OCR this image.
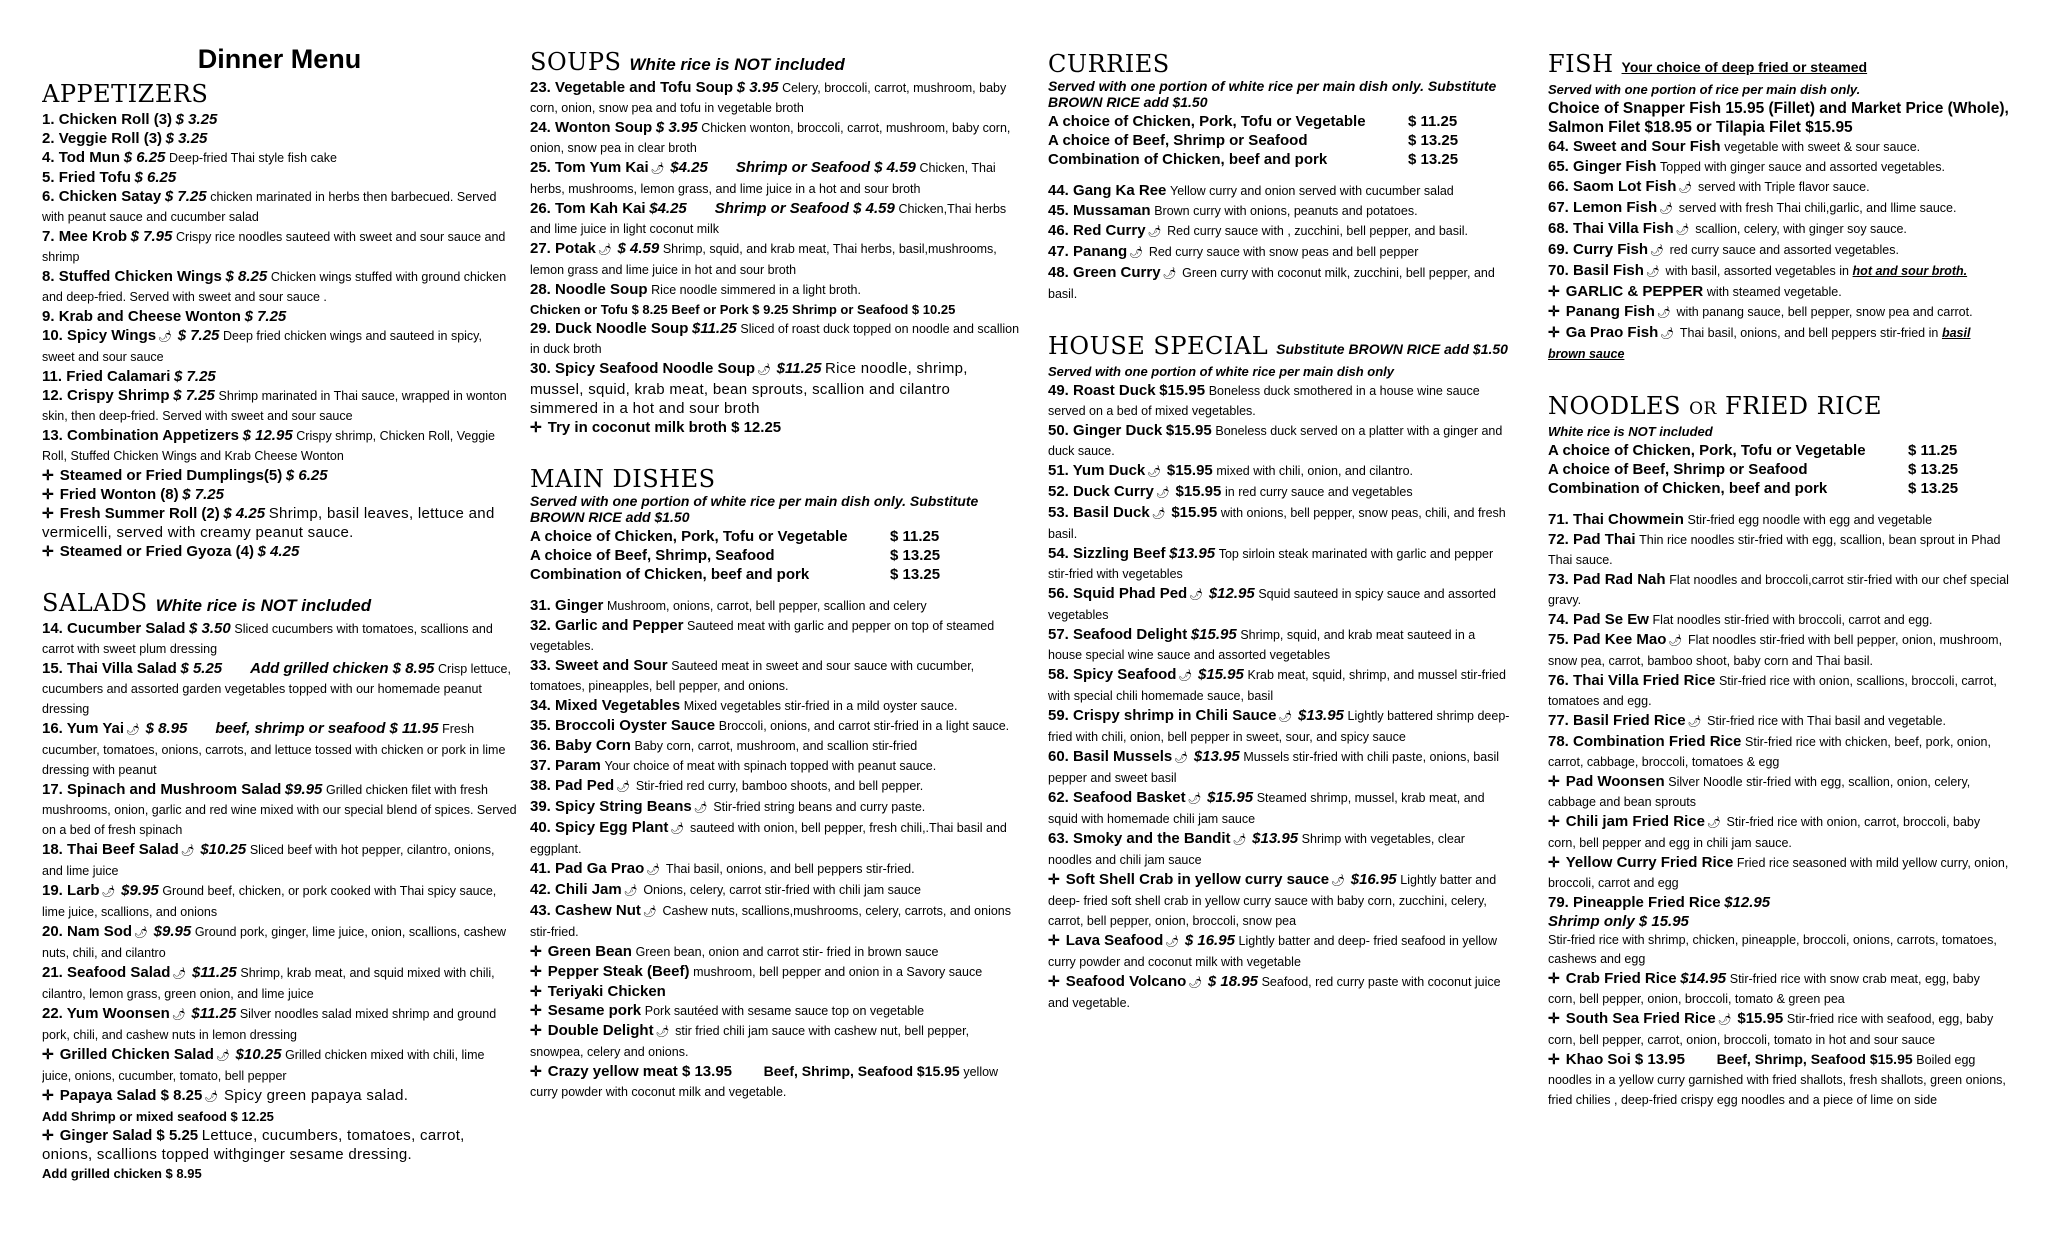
Dinner Menu
APPETIZERS
1. Chicken Roll (3) $ 3.25
2. Veggie Roll (3) $ 3.25
4. Tod Mun $ 6.25 Deep-fried Thai style fish cake
5. Fried Tofu $ 6.25
6. Chicken Satay $ 7.25 chicken marinated in herbs then barbecued. Served with peanut sauce and cucumber salad
7. Mee Krob $ 7.95 Crispy rice noodles sauteed with sweet and sour sauce and shrimp
8. Stuffed Chicken Wings $ 8.25 Chicken wings stuffed with ground chicken and deep-fried. Served with sweet and sour sauce .
9. Krab and Cheese Wonton $ 7.25
10. Spicy Wings 🌶 $ 7.25 Deep fried chicken wings and sauteed in spicy, sweet and sour sauce
11. Fried Calamari $ 7.25
12. Crispy Shrimp $ 7.25 Shrimp marinated in Thai sauce, wrapped in wonton skin, then deep-fried. Served with sweet and sour sauce
13. Combination Appetizers $ 12.95 Crispy shrimp, Chicken Roll, Veggie Roll, Stuffed Chicken Wings and Krab Cheese Wonton
✛ Steamed or Fried Dumplings(5) $ 6.25
✛ Fried Wonton (8) $ 7.25
✛ Fresh Summer Roll (2) $ 4.25 Shrimp, basil leaves, lettuce and vermicelli, served with creamy peanut sauce.
✛ Steamed or Fried Gyoza (4) $ 4.25
SALADS White rice is NOT included
14. Cucumber Salad $ 3.50 Sliced cucumbers with tomatoes, scallions and carrot with sweet plum dressing
15. Thai Villa Salad $ 5.25 Add grilled chicken $ 8.95 Crisp lettuce, cucumbers and assorted garden vegetables topped with our homemade peanut dressing
16. Yum Yai 🌶 $ 8.95 beef, shrimp or seafood $ 11.95 Fresh cucumber, tomatoes, onions, carrots, and lettuce tossed with chicken or pork in lime dressing with peanut
17. Spinach and Mushroom Salad $9.95 Grilled chicken filet with fresh mushrooms, onion, garlic and red wine mixed with our special blend of spices. Served on a bed of fresh spinach
18. Thai Beef Salad 🌶 $10.25 Sliced beef with hot pepper, cilantro, onions, and lime juice
19. Larb 🌶 $9.95 Ground beef, chicken, or pork cooked with Thai spicy sauce, lime juice, scallions, and onions
20. Nam Sod 🌶 $9.95 Ground pork, ginger, lime juice, onion, scallions, cashew nuts, chili, and cilantro
21. Seafood Salad 🌶 $11.25 Shrimp, krab meat, and squid mixed with chili, cilantro, lemon grass, green onion, and lime juice
22. Yum Woonsen 🌶 $11.25 Silver noodles salad mixed shrimp and ground pork, chili, and cashew nuts in lemon dressing
✛ Grilled Chicken Salad 🌶 $10.25 Grilled chicken mixed with chili, lime juice, onions, cucumber, tomato, bell pepper
✛ Papaya Salad $ 8.25 🌶 Spicy green papaya salad.
Add Shrimp or mixed seafood $ 12.25
✛ Ginger Salad $ 5.25 Lettuce, cucumbers, tomatoes, carrot, onions, scallions topped withginger sesame dressing.
Add grilled chicken $ 8.95
SOUPS White rice is NOT included
23. Vegetable and Tofu Soup $ 3.95 Celery, broccoli, carrot, mushroom, baby corn, onion, snow pea and tofu in vegetable broth
24. Wonton Soup $ 3.95 Chicken wonton, broccoli, carrot, mushroom, baby corn, onion, snow pea in clear broth
25. Tom Yum Kai 🌶 $4.25 Shrimp or Seafood $ 4.59 Chicken, Thai herbs, mushrooms, lemon grass, and lime juice in a hot and sour broth
26. Tom Kah Kai $4.25 Shrimp or Seafood $ 4.59 Chicken,Thai herbs and lime juice in light coconut milk
27. Potak 🌶 $ 4.59 Shrimp, squid, and krab meat, Thai herbs, basil,mushrooms, lemon grass and lime juice in hot and sour broth
28. Noodle Soup Rice noodle simmered in a light broth.
Chicken or Tofu $ 8.25 Beef or Pork $ 9.25 Shrimp or Seafood $ 10.25
29. Duck Noodle Soup $11.25 Sliced of roast duck topped on noodle and scallion in duck broth
30. Spicy Seafood Noodle Soup 🌶 $11.25 Rice noodle, shrimp, mussel, squid, krab meat, bean sprouts, scallion and cilantro simmered in a hot and sour broth
✛ Try in coconut milk broth $ 12.25
MAIN DISHES
Served with one portion of white rice per main dish only. Substitute BROWN RICE add $1.50
A choice of Chicken, Pork, Tofu or Vegetable	$ 11.25
A choice of Beef, Shrimp, Seafood	$ 13.25
Combination of Chicken, beef and pork	$ 13.25
31. Ginger Mushroom, onions, carrot, bell pepper, scallion and celery
32. Garlic and Pepper Sauteed meat with garlic and pepper on top of steamed vegetables.
33. Sweet and Sour Sauteed meat in sweet and sour sauce with cucumber, tomatoes, pineapples, bell pepper, and onions.
34. Mixed Vegetables Mixed vegetables stir-fried in a mild oyster sauce.
35. Broccoli Oyster Sauce Broccoli, onions, and carrot stir-fried in a light sauce.
36. Baby Corn Baby corn, carrot, mushroom, and scallion stir-fried
37. Param Your choice of meat with spinach topped with peanut sauce.
38. Pad Ped 🌶 Stir-fried red curry, bamboo shoots, and bell pepper.
39. Spicy String Beans 🌶 Stir-fried string beans and curry paste.
40. Spicy Egg Plant 🌶 sauteed with onion, bell pepper, fresh chili,.Thai basil and eggplant.
41. Pad Ga Prao 🌶 Thai basil, onions, and bell peppers stir-fried.
42. Chili Jam 🌶 Onions, celery, carrot stir-fried with chili jam sauce
43. Cashew Nut 🌶 Cashew nuts, scallions,mushrooms, celery, carrots, and onions stir-fried.
✛ Green Bean Green bean, onion and carrot stir- fried in brown sauce
✛ Pepper Steak (Beef) mushroom, bell pepper and onion in a Savory sauce
✛ Teriyaki Chicken
✛ Sesame pork Pork sautéed with sesame sauce top on vegetable
✛ Double Delight 🌶 stir fried chili jam sauce with cashew nut, bell pepper, snowpea, celery and onions.
✛ Crazy yellow meat $ 13.95 Beef, Shrimp, Seafood $15.95 yellow curry powder with coconut milk and vegetable.
CURRIES
Served with one portion of white rice per main dish only. Substitute BROWN RICE add $1.50
A choice of Chicken, Pork, Tofu or Vegetable	$ 11.25
A choice of Beef, Shrimp or Seafood	$ 13.25
Combination of Chicken, beef and pork	$ 13.25
44. Gang Ka Ree Yellow curry and onion served with cucumber salad
45. Mussaman Brown curry with onions, peanuts and potatoes.
46. Red Curry 🌶 Red curry sauce with , zucchini, bell pepper, and basil.
47. Panang 🌶 Red curry sauce with snow peas and bell pepper
48. Green Curry 🌶 Green curry with coconut milk, zucchini, bell pepper, and basil.
HOUSE SPECIAL Substitute BROWN RICE add $1.50
Served with one portion of white rice per main dish only
49. Roast Duck $15.95 Boneless duck smothered in a house wine sauce served on a bed of mixed vegetables.
50. Ginger Duck $15.95 Boneless duck served on a platter with a ginger and duck sauce.
51. Yum Duck 🌶 $15.95 mixed with chili, onion, and cilantro.
52. Duck Curry 🌶 $15.95 in red curry sauce and vegetables
53. Basil Duck 🌶 $15.95 with onions, bell pepper, snow peas, chili, and fresh basil.
54. Sizzling Beef $13.95 Top sirloin steak marinated with garlic and pepper stir-fried with vegetables
56. Squid Phad Ped 🌶 $12.95 Squid sauteed in spicy sauce and assorted vegetables
57. Seafood Delight $15.95 Shrimp, squid, and krab meat sauteed in a house special wine sauce and assorted vegetables
58. Spicy Seafood 🌶 $15.95 Krab meat, squid, shrimp, and mussel stir-fried with special chili homemade sauce, basil
59. Crispy shrimp in Chili Sauce 🌶 $13.95 Lightly battered shrimp deep-fried with chili, onion, bell pepper in sweet, sour, and spicy sauce
60. Basil Mussels 🌶 $13.95 Mussels stir-fried with chili paste, onions, basil pepper and sweet basil
62. Seafood Basket 🌶 $15.95 Steamed shrimp, mussel, krab meat, and squid with homemade chili jam sauce
63. Smoky and the Bandit 🌶 $13.95 Shrimp with vegetables, clear noodles and chili jam sauce
✛ Soft Shell Crab in yellow curry sauce 🌶 $16.95 Lightly batter and deep- fried soft shell crab in yellow curry sauce with baby corn, zucchini, celery, carrot, bell pepper, onion, broccoli, snow pea
✛ Lava Seafood 🌶 $ 16.95 Lightly batter and deep- fried seafood in yellow curry powder and coconut milk with vegetable
✛ Seafood Volcano 🌶 $ 18.95 Seafood, red curry paste with coconut juice and vegetable.
FISH Your choice of deep fried or steamed
Served with one portion of rice per main dish only.
Choice of Snapper Fish 15.95 (Fillet) and Market Price (Whole), Salmon Filet $18.95 or Tilapia Filet $15.95
64. Sweet and Sour Fish vegetable with sweet & sour sauce.
65. Ginger Fish Topped with ginger sauce and assorted vegetables.
66. Saom Lot Fish 🌶 served with Triple flavor sauce.
67. Lemon Fish 🌶 served with fresh Thai chili,garlic, and llime sauce.
68. Thai Villa Fish 🌶 scallion, celery, with ginger soy sauce.
69. Curry Fish 🌶 red curry sauce and assorted vegetables.
70. Basil Fish 🌶 with basil, assorted vegetables in hot and sour broth.
✛ GARLIC & PEPPER with steamed vegetable.
✛ Panang Fish 🌶 with panang sauce, bell pepper, snow pea and carrot.
✛ Ga Prao Fish 🌶 Thai basil, onions, and bell peppers stir-fried in basil brown sauce
NOODLES or FRIED RICE
White rice is NOT included
A choice of Chicken, Pork, Tofu or Vegetable	$ 11.25
A choice of Beef, Shrimp or Seafood	$ 13.25
Combination of Chicken, beef and pork	$ 13.25
71. Thai Chowmein Stir-fried egg noodle with egg and vegetable
72. Pad Thai Thin rice noodles stir-fried with egg, scallion, bean sprout in Phad Thai sauce.
73. Pad Rad Nah Flat noodles and broccoli,carrot stir-fried with our chef special gravy.
74. Pad Se Ew Flat noodles stir-fried with broccoli, carrot and egg.
75. Pad Kee Mao 🌶 Flat noodles stir-fried with bell pepper, onion, mushroom, snow pea, carrot, bamboo shoot, baby corn and Thai basil.
76. Thai Villa Fried Rice Stir-fried rice with onion, scallions, broccoli, carrot, tomatoes and egg.
77. Basil Fried Rice 🌶 Stir-fried rice with Thai basil and vegetable.
78. Combination Fried Rice Stir-fried rice with chicken, beef, pork, onion, carrot, cabbage, broccoli, tomatoes & egg
✛ Pad Woonsen Silver Noodle stir-fried with egg, scallion, onion, celery, cabbage and bean sprouts
✛ Chili jam Fried Rice 🌶 Stir-fried rice with onion, carrot, broccoli, baby corn, bell pepper and egg in chili jam sauce.
✛ Yellow Curry Fried Rice Fried rice seasoned with mild yellow curry, onion, broccoli, carrot and egg
79. Pineapple Fried Rice $12.95
Shrimp only $ 15.95
Stir-fried rice with shrimp, chicken, pineapple, broccoli, onions, carrots, tomatoes, cashews and egg
✛ Crab Fried Rice $14.95 Stir-fried rice with snow crab meat, egg, baby corn, bell pepper, onion, broccoli, tomato & green pea
✛ South Sea Fried Rice 🌶 $15.95 Stir-fried rice with seafood, egg, baby corn, bell pepper, carrot, onion, broccoli, tomato in hot and sour sauce
✛ Khao Soi $ 13.95 Beef, Shrimp, Seafood $15.95 Boiled egg noodles in a yellow curry garnished with fried shallots, fresh shallots, green onions, fried chilies , deep-fried crispy egg noodles and a piece of lime on side
